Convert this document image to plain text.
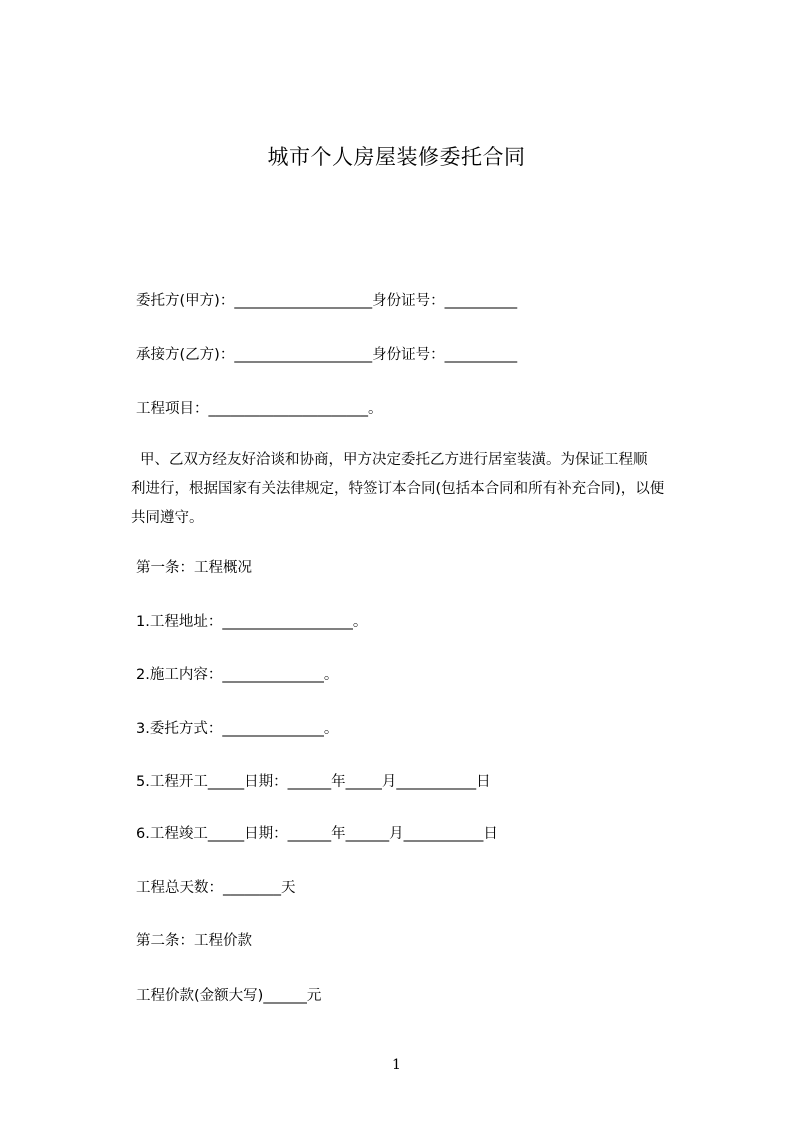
城市个人房屋装修委托合同
委托方(甲方)：___________________身份证号：__________
承接方(乙方)：___________________身份证号：__________
工程项目：______________________。
甲、乙双方经友好洽谈和协商，甲方决定委托乙方进行居室装潢。为保证工程顺
利进行，根据国家有关法律规定，特签订本合同(包括本合同和所有补充合同)，以便
共同遵守。
第一条：工程概况
1.工程地址：__________________。
2.施工内容：______________。
3.委托方式：______________。
5.工程开工_____日期：______年_____月___________日
6.工程竣工_____日期：______年______月___________日
工程总天数：________天
第二条：工程价款
工程价款(金额大写)______元
1
